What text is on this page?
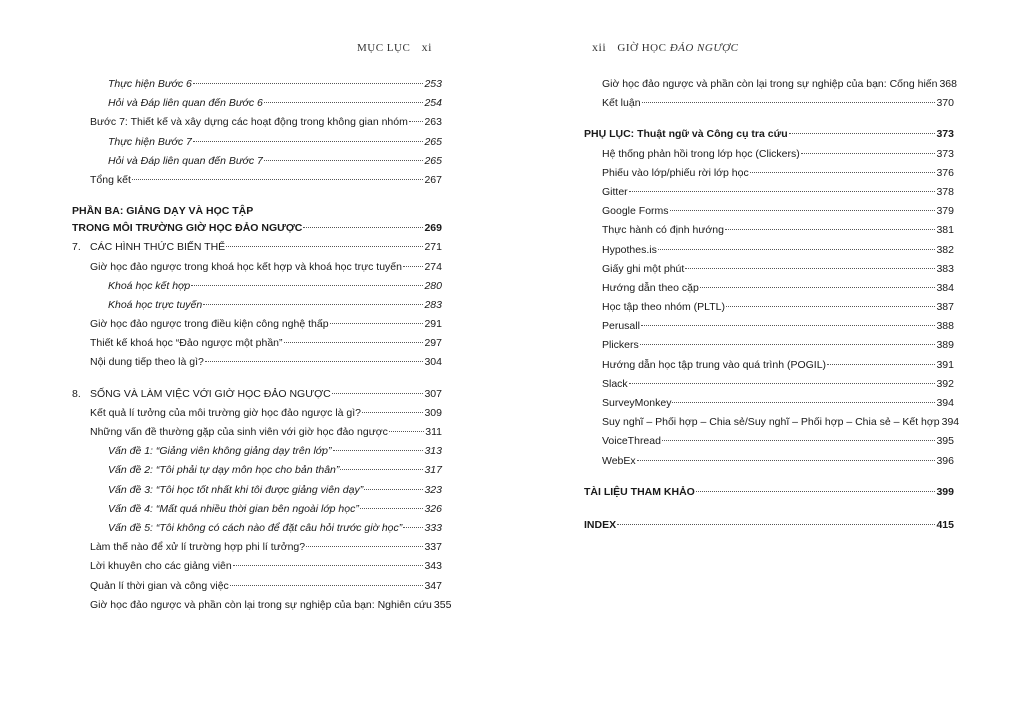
MỤC LỤC xi	xii GIỜ HỌC ĐẢO NGƯỢC
Thực hiện Bước 6	253
Hỏi và Đáp liên quan đến Bước 6	254
Bước 7: Thiết kế và xây dựng các hoạt động trong không gian nhóm 263
Thực hiện Bước 7	265
Hỏi và Đáp liên quan đến Bước 7	265
Tổng kết	267
PHẦN BA: GIẢNG DẠY VÀ HỌC TẬP
TRONG MÔI TRƯỜNG GIỜ HỌC ĐẢO NGƯỢC	269
7. CÁC HÌNH THỨC BIẾN THỂ	271
Giờ học đảo ngược trong khoá học kết hợp và khoá học trực tuyến 274
Khoá học kết hợp	280
Khoá học trực tuyến	283
Giờ học đảo ngược trong điều kiện công nghệ thấp	291
Thiết kế khoá học “Đảo ngược một phần”	297
Nội dung tiếp theo là gì?	304
8. SỐNG VÀ LÀM VIỆC VỚI GIỜ HỌC ĐẢO NGƯỢC	307
Kết quả lí tưởng của môi trường giờ học đảo ngược là gì?	309
Những vấn đề thường gặp của sinh viên với giờ học đảo ngược	311
Vấn đề 1: “Giảng viên không giảng dạy trên lớp”	313
Vấn đề 2: “Tôi phải tự dạy môn học cho bản thân”	317
Vấn đề 3: “Tôi học tốt nhất khi tôi được giảng viên dạy”	323
Vấn đề 4: “Mất quá nhiều thời gian bên ngoài lớp học”	326
Vấn đề 5: “Tôi không có cách nào để đặt câu hỏi trước giờ học” 333
Làm thế nào để xử lí trường hợp phi lí tưởng?	337
Lời khuyên cho các giảng viên	343
Quản lí thời gian và công việc	347
Giờ học đảo ngược và phần còn lại trong sự nghiệp của bạn: Nghiên cứu 355
Giờ học đảo ngược và phần còn lại trong sự nghiệp của bạn: Cống hiến 368
Kết luận	370
PHỤ LỤC: Thuật ngữ và Công cụ tra cứu	373
Hệ thống phản hồi trong lớp học (Clickers)	373
Phiếu vào lớp/phiếu rời lớp học	376
Gitter	378
Google Forms	379
Thực hành có định hướng	381
Hypothes.is	382
Giấy ghi một phút	383
Hướng dẫn theo cặp	384
Học tập theo nhóm (PLTL)	387
Perusall	388
Plickers	389
Hướng dẫn học tập trung vào quá trình (POGIL)	391
Slack	392
SurveyMonkey	394
Suy nghĩ – Phối hợp – Chia sẻ/Suy nghĩ – Phối hợp – Chia sẻ – Kết hợp 394
VoiceThread	395
WebEx	396
TÀI LIỆU THAM KHẢO	399
INDEX	415
